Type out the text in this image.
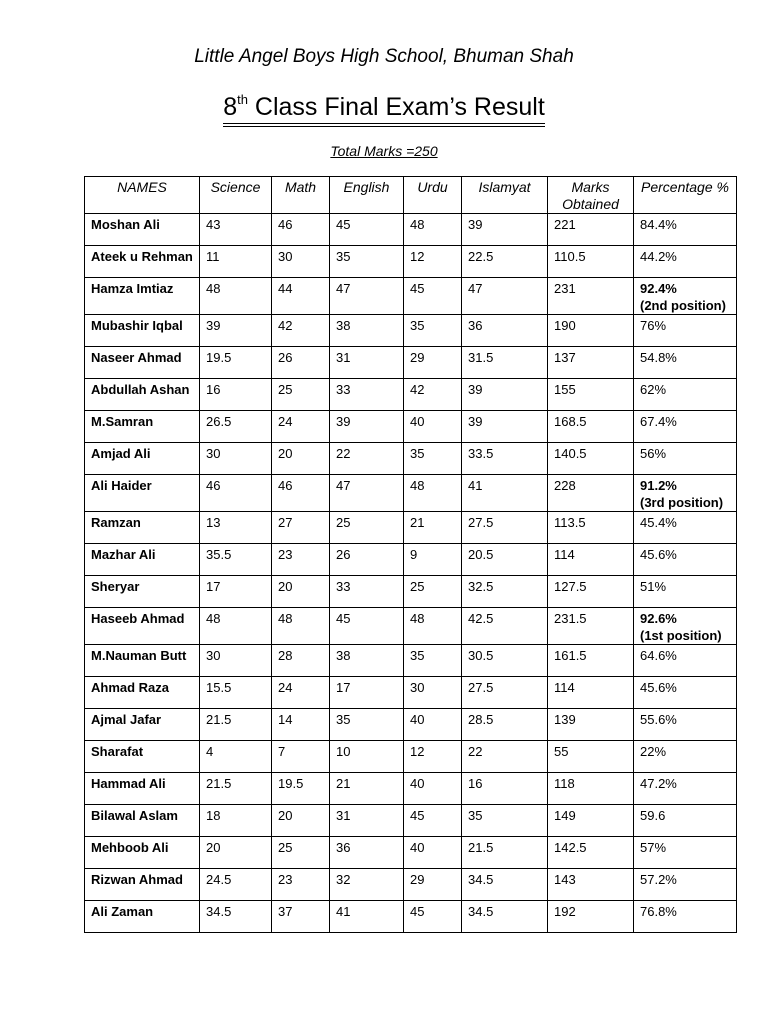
Little Angel Boys High School, Bhuman Shah
8th Class Final Exam’s Result
Total Marks =250
NAMES	Science	Math	English	Urdu	Islamyat	Marks Obtained	Percentage %
Moshan Ali	43	46	45	48	39	221	84.4%
Ateek u Rehman	11	30	35	12	22.5	110.5	44.2%
Hamza Imtiaz	48	44	47	45	47	231	92.4%
(2nd position)

Mubashir Iqbal	39	42	38	35	36	190	76%
Naseer Ahmad	19.5	26	31	29	31.5	137	54.8%
Abdullah Ashan	16	25	33	42	39	155	62%
M.Samran	26.5	24	39	40	39	168.5	67.4%
Amjad Ali	30	20	22	35	33.5	140.5	56%
Ali Haider	46	46	47	48	41	228	91.2%
(3rd position)

Ramzan	13	27	25	21	27.5	113.5	45.4%
Mazhar Ali	35.5	23	26	9	20.5	114	45.6%
Sheryar	17	20	33	25	32.5	127.5	51%
Haseeb Ahmad	48	48	45	48	42.5	231.5	92.6%
(1st position)

M.Nauman Butt	30	28	38	35	30.5	161.5	64.6%
Ahmad Raza	15.5	24	17	30	27.5	114	45.6%
Ajmal Jafar	21.5	14	35	40	28.5	139	55.6%
Sharafat	4	7	10	12	22	55	22%
Hammad Ali	21.5	19.5	21	40	16	118	47.2%
Bilawal Aslam	18	20	31	45	35	149	59.6
Mehboob Ali	20	25	36	40	21.5	142.5	57%
Rizwan Ahmad	24.5	23	32	29	34.5	143	57.2%
Ali Zaman	34.5	37	41	45	34.5	192	76.8%
